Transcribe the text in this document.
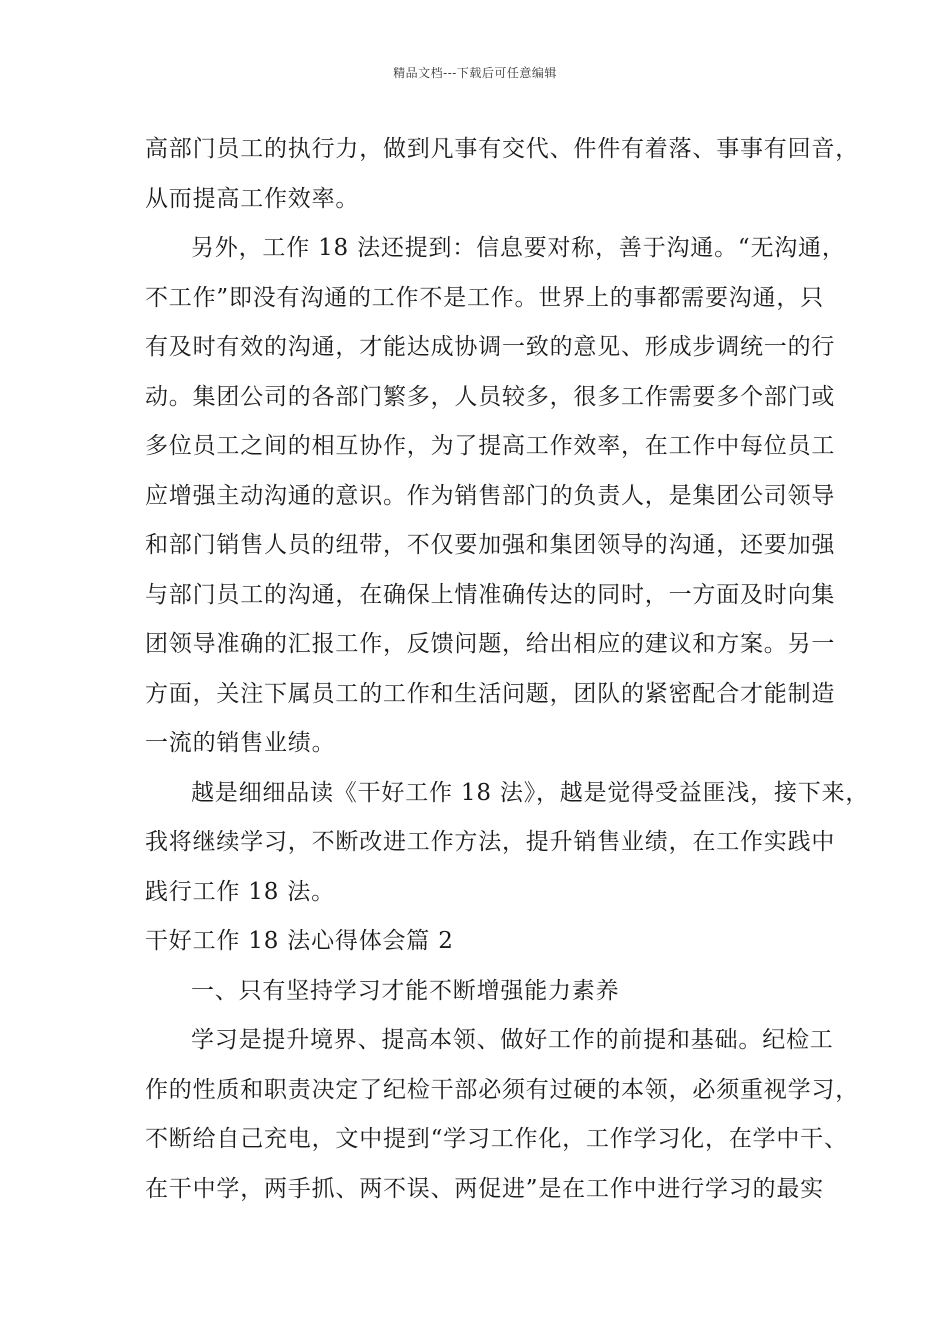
精品文档---下载后可任意编辑
高部门员工的执行力，做到凡事有交代、件件有着落、事事有回音，
从而提高工作效率。
另外，工作 18 法还提到：信息要对称，善于沟通。“无沟通，
不工作”即没有沟通的工作不是工作。世界上的事都需要沟通，只
有及时有效的沟通，才能达成协调一致的意见、形成步调统一的行
动。集团公司的各部门繁多，人员较多，很多工作需要多个部门或
多位员工之间的相互协作，为了提高工作效率，在工作中每位员工
应增强主动沟通的意识。作为销售部门的负责人，是集团公司领导
和部门销售人员的纽带，不仅要加强和集团领导的沟通，还要加强
与部门员工的沟通，在确保上情准确传达的同时，一方面及时向集
团领导准确的汇报工作，反馈问题，给出相应的建议和方案。另一
方面，关注下属员工的工作和生活问题，团队的紧密配合才能制造
一流的销售业绩。
越是细细品读《干好工作 18 法》，越是觉得受益匪浅，接下来，
我将继续学习，不断改进工作方法，提升销售业绩，在工作实践中
践行工作 18 法。
干好工作 18 法心得体会篇 2
一、只有坚持学习才能不断增强能力素养
学习是提升境界、提高本领、做好工作的前提和基础。纪检工
作的性质和职责决定了纪检干部必须有过硬的本领，必须重视学习，
不断给自己充电，文中提到“学习工作化，工作学习化，在学中干、
在干中学，两手抓、两不误、两促进”是在工作中进行学习的最实
